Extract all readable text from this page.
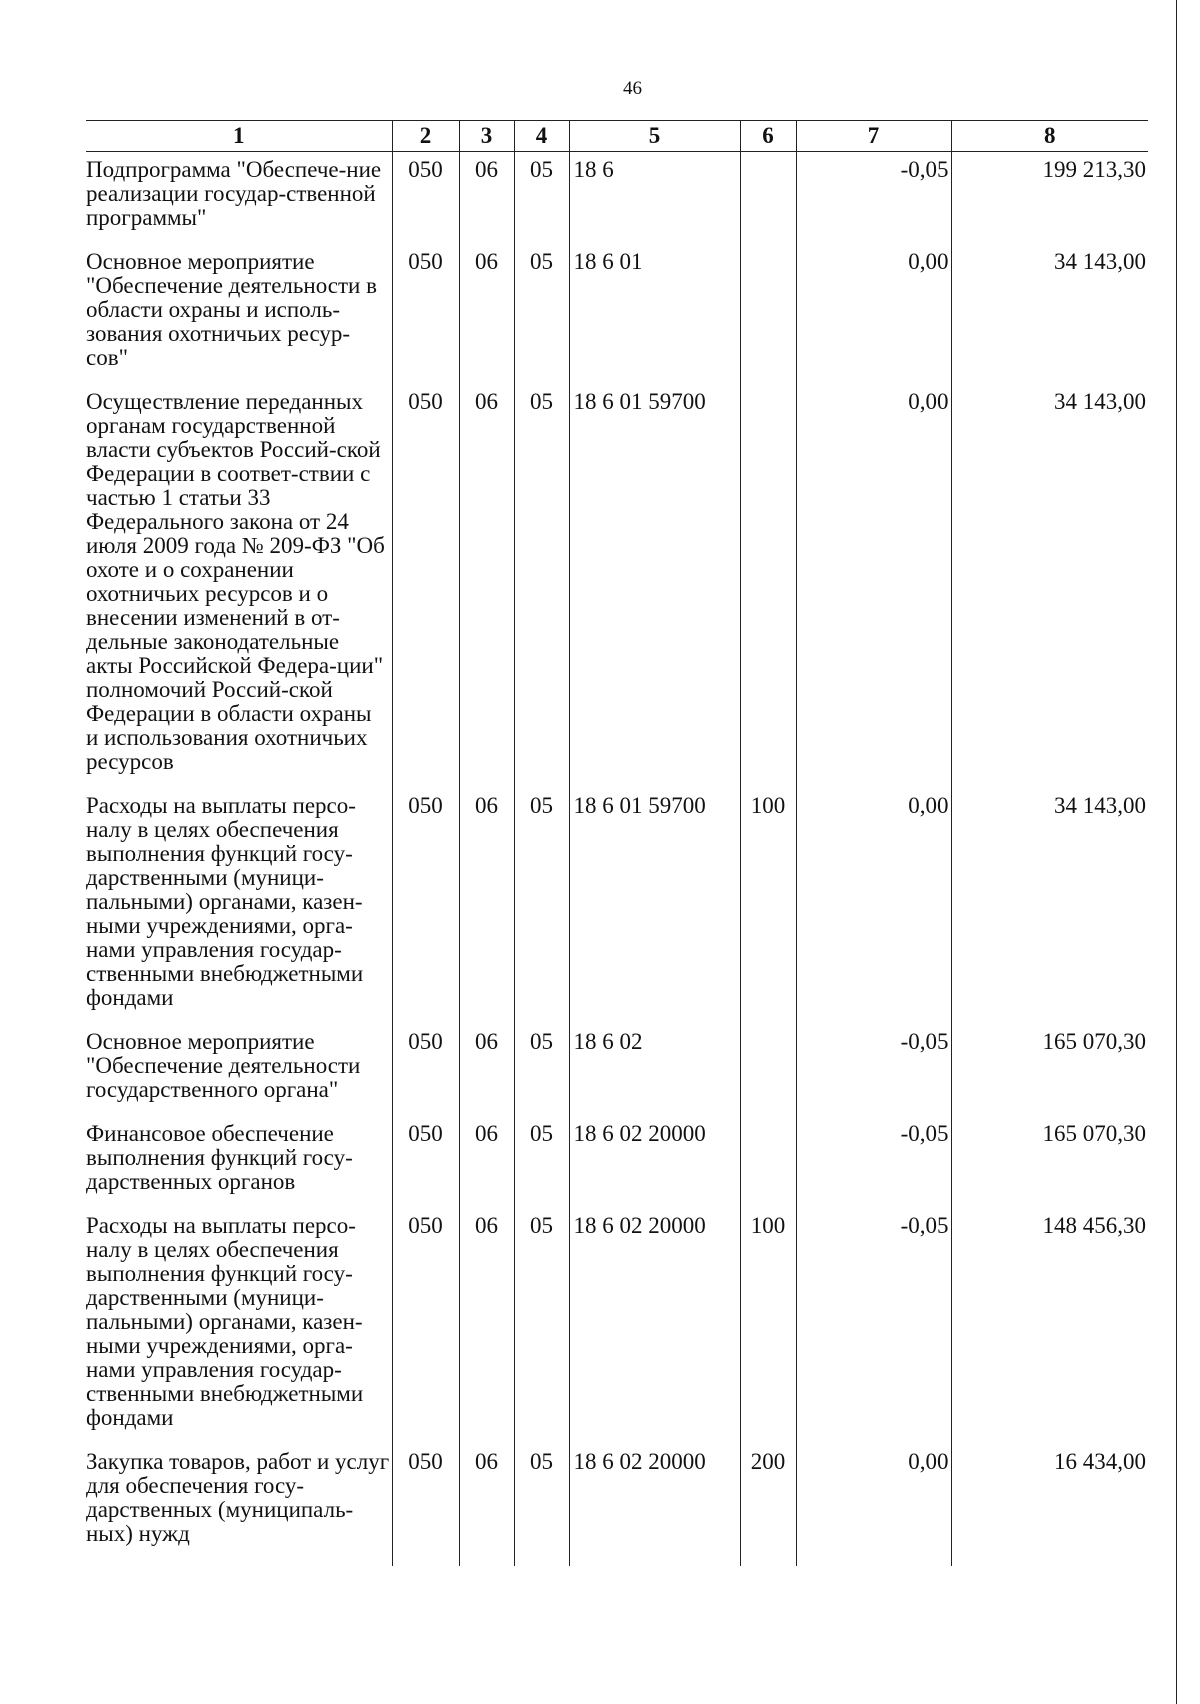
46
1	2	3	4	5	6	7	8
Подпрограмма "Обеспече-ние реализации государ-ственной программы"	050	06	05	18 6		-0,05	199 213,30
Основное мероприятие "Обеспечение деятельности в области охраны и исполь-зования охотничьих ресур-сов"	050	06	05	18 6 01		0,00	34 143,00
Осуществление переданных органам государственной власти субъектов Россий-ской Федерации в соответ-ствии с частью 1 статьи 33 Федерального закона от 24 июля 2009 года № 209-ФЗ "Об охоте и о сохранении охотничьих ресурсов и о внесении изменений в от-дельные законодательные акты Российской Федера-ции" полномочий Россий-ской Федерации в области охраны и использования охотничьих ресурсов	050	06	05	18 6 01 59700		0,00	34 143,00
Расходы на выплаты персо-налу в целях обеспечения выполнения функций госу-дарственными (муници-пальными) органами, казен-ными учреждениями, орга-нами управления государ-ственными внебюджетными фондами	050	06	05	18 6 01 59700	100	0,00	34 143,00
Основное мероприятие "Обеспечение деятельности государственного органа"	050	06	05	18 6 02		-0,05	165 070,30
Финансовое обеспечение выполнения функций госу-дарственных органов	050	06	05	18 6 02 20000		-0,05	165 070,30
Расходы на выплаты персо-налу в целях обеспечения выполнения функций госу-дарственными (муници-пальными) органами, казен-ными учреждениями, орга-нами управления государ-ственными внебюджетными фондами	050	06	05	18 6 02 20000	100	-0,05	148 456,30
Закупка товаров, работ и услуг для обеспечения госу-дарственных (муниципаль-ных) нужд	050	06	05	18 6 02 20000	200	0,00	16 434,00
